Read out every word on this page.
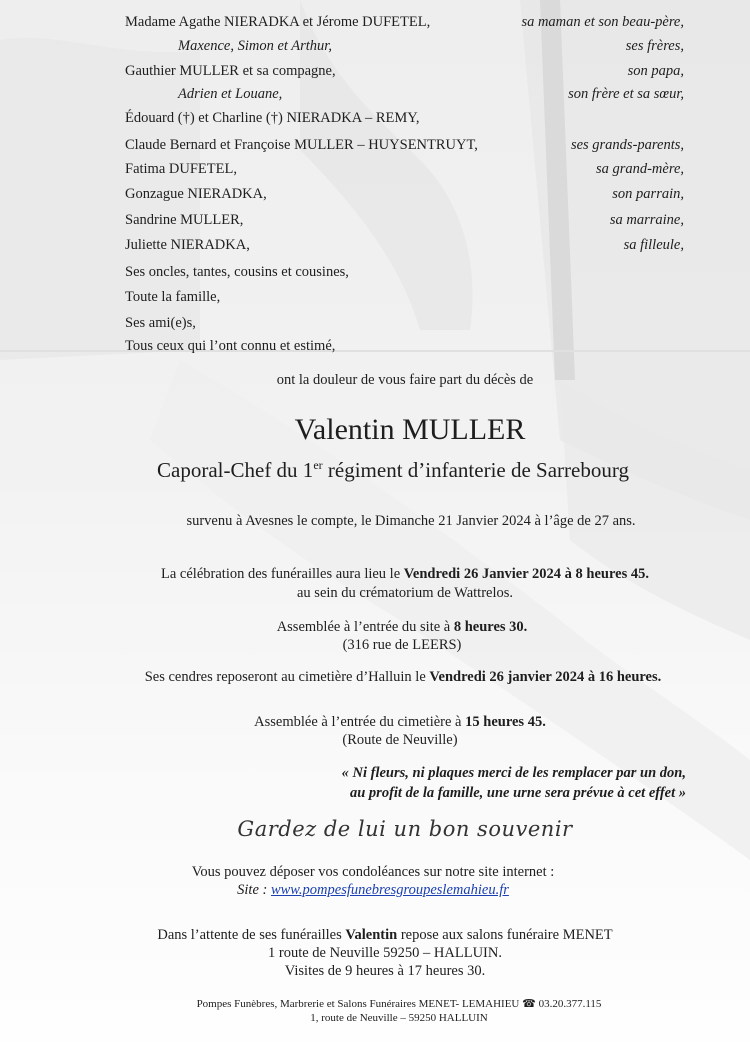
Madame Agathe NIERADKA et Jérome DUFETEL,	sa maman et son beau-père,
Maxence, Simon et Arthur,	ses frères,
Gauthier MULLER et sa compagne,	son papa,
Adrien et Louane,	son frère et sa sœur,
Édouard (†) et Charline (†) NIERADKA – REMY,
Claude Bernard et Françoise MULLER – HUYSENTRUYT,	ses grands-parents,
Fatima DUFETEL,	sa grand-mère,
Gonzague NIERADKA,	son parrain,
Sandrine MULLER,	sa marraine,
Juliette NIERADKA,	sa filleule,
Ses oncles, tantes, cousins et cousines,
Toute la famille,
Ses ami(e)s,
Tous ceux qui l’ont connu et estimé,
ont la douleur de vous faire part du décès de
Valentin MULLER
Caporal-Chef du 1er régiment d’infanterie de Sarrebourg
survenu à Avesnes le compte, le Dimanche 21 Janvier 2024 à l’âge de 27 ans.
La célébration des funérailles aura lieu le Vendredi 26 Janvier 2024 à 8 heures 45.
au sein du crématorium de Wattrelos.
Assemblée à l’entrée du site à 8 heures 30.
(316 rue de LEERS)
Ses cendres reposeront au cimetière d’Halluin le Vendredi 26 janvier 2024 à 16 heures.
Assemblée à l’entrée du cimetière à 15 heures 45.
(Route de Neuville)
« Ni fleurs, ni plaques merci de les remplacer par un don,
au profit de la famille, une urne sera prévue à cet effet »
Gardez de lui un bon souvenir
Vous pouvez déposer vos condoléances sur notre site internet :
Site : www.pompesfunebresgroupeslemahieu.fr
Dans l’attente de ses funérailles Valentin repose aux salons funéraire MENET
1 route de Neuville 59250 – HALLUIN.
Visites de 9 heures à 17 heures 30.
Pompes Funèbres, Marbrerie et Salons Funéraires MENET- LEMAHIEU ☎ 03.20.377.115
1, route de Neuville – 59250 HALLUIN
